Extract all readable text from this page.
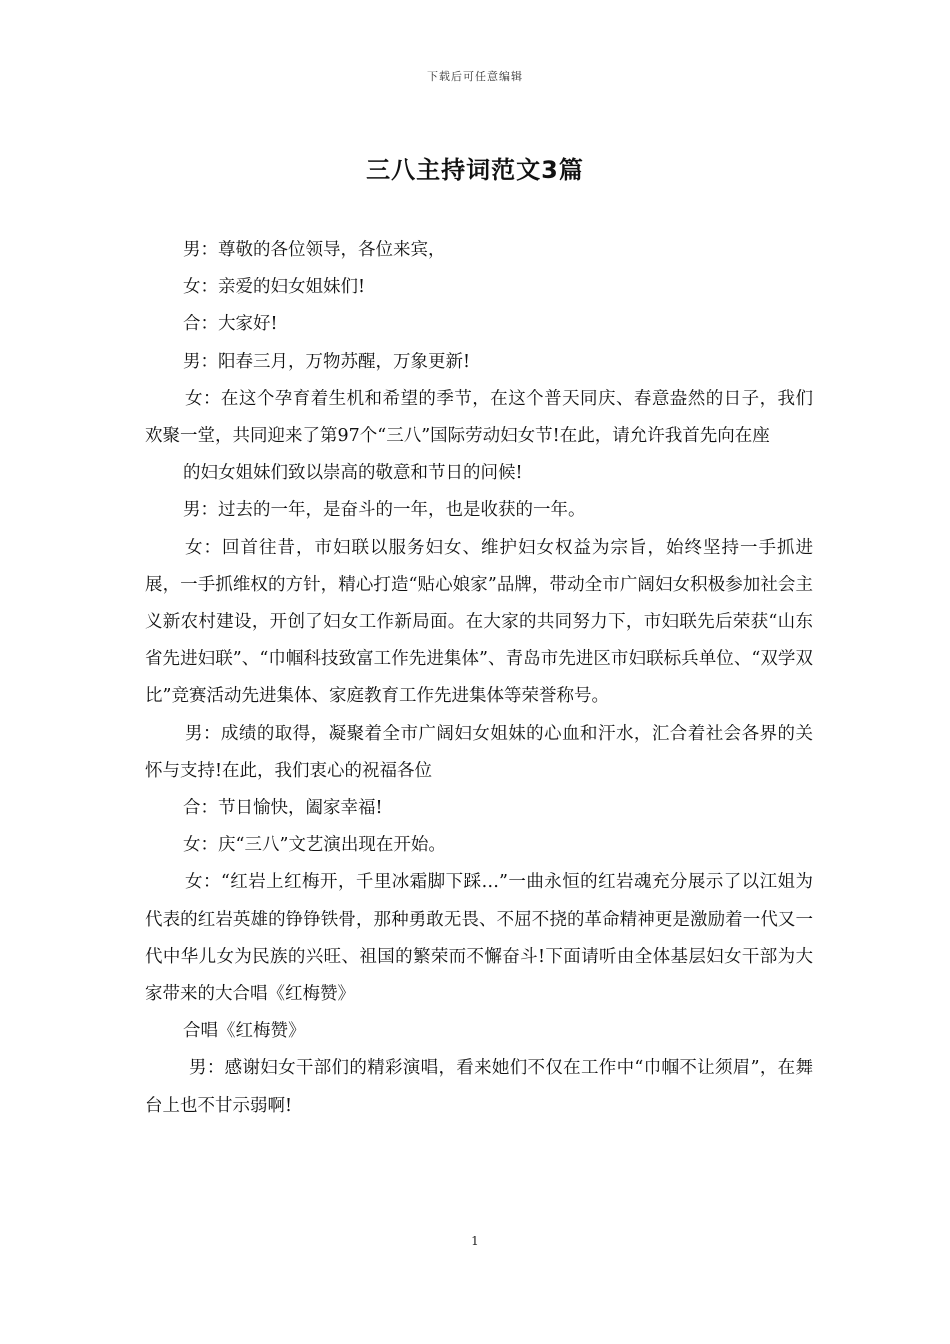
下载后可任意编辑
三八主持词范文3篇

男：尊敬的各位领导，各位来宾，

女：亲爱的妇女姐妹们!

合：大家好!

男：阳春三月，万物苏醒，万象更新!

女：在这个孕育着生机和希望的季节，在这个普天同庆、春意盎然的日子，我们欢聚一堂，共同迎来了第97个“三八”国际劳动妇女节!在此，请允许我首先向在座

的妇女姐妹们致以崇高的敬意和节日的问候!

男：过去的一年，是奋斗的一年，也是收获的一年。

女：回首往昔，市妇联以服务妇女、维护妇女权益为宗旨，始终坚持一手抓进展，一手抓维权的方针，精心打造“贴心娘家”品牌，带动全市广阔妇女积极参加社会主义新农村建设，开创了妇女工作新局面。在大家的共同努力下，市妇联先后荣获“山东省先进妇联”、“巾帼科技致富工作先进集体”、青岛市先进区市妇联标兵单位、“双学双比”竞赛活动先进集体、家庭教育工作先进集体等荣誉称号。

男：成绩的取得，凝聚着全市广阔妇女姐妹的心血和汗水，汇合着社会各界的关怀与支持!在此，我们衷心的祝福各位

合：节日愉快，阖家幸福!

女：庆“三八”文艺演出现在开始。

女：“红岩上红梅开，千里冰霜脚下踩…”一曲永恒的红岩魂充分展示了以江姐为代表的红岩英雄的铮铮铁骨，那种勇敢无畏、不屈不挠的革命精神更是激励着一代又一代中华儿女为民族的兴旺、祖国的繁荣而不懈奋斗!下面请听由全体基层妇女干部为大家带来的大合唱《红梅赞》

合唱《红梅赞》

男：感谢妇女干部们的精彩演唱，看来她们不仅在工作中“巾帼不让须眉”，在舞台上也不甘示弱啊!

1
